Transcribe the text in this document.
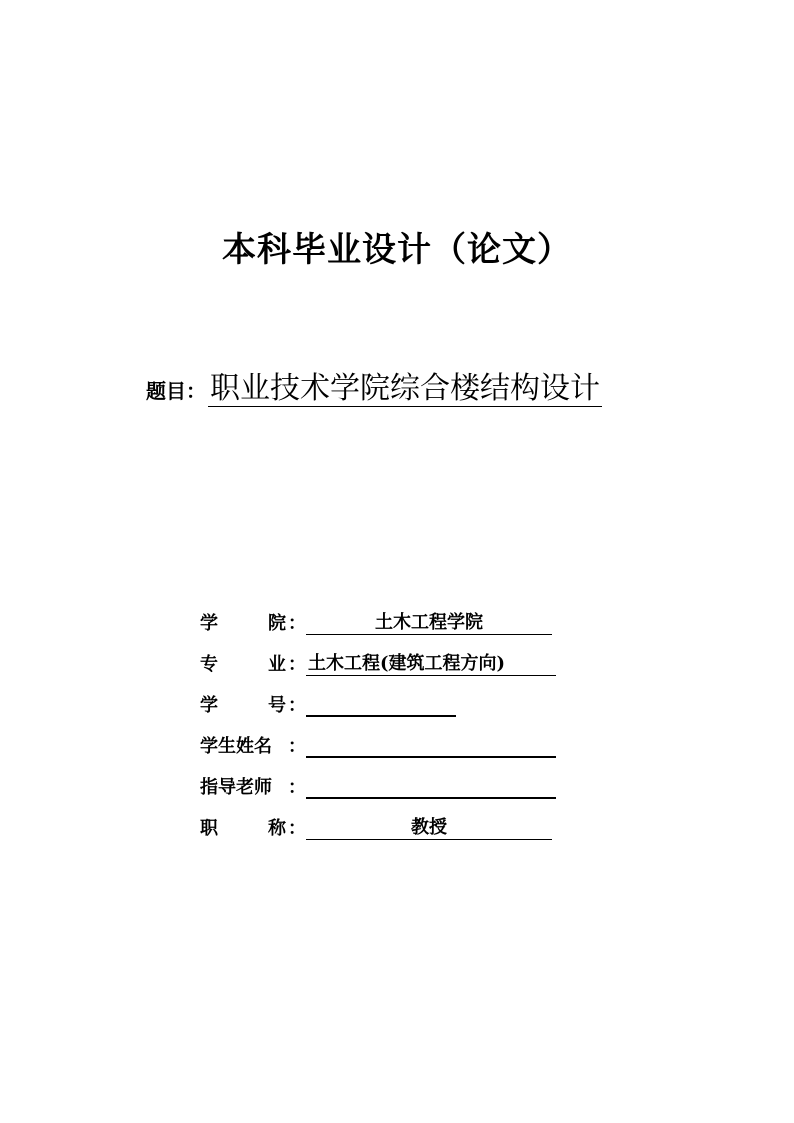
本科毕业设计（论文）
题目： 职业技术学院综合楼结构设计
学	院 ：	土木工程学院
专	业 ： 土木工程(建筑工程方向)
学	号 ：
学生姓名 ：
指导老师 ：
职	称 ：	教授
